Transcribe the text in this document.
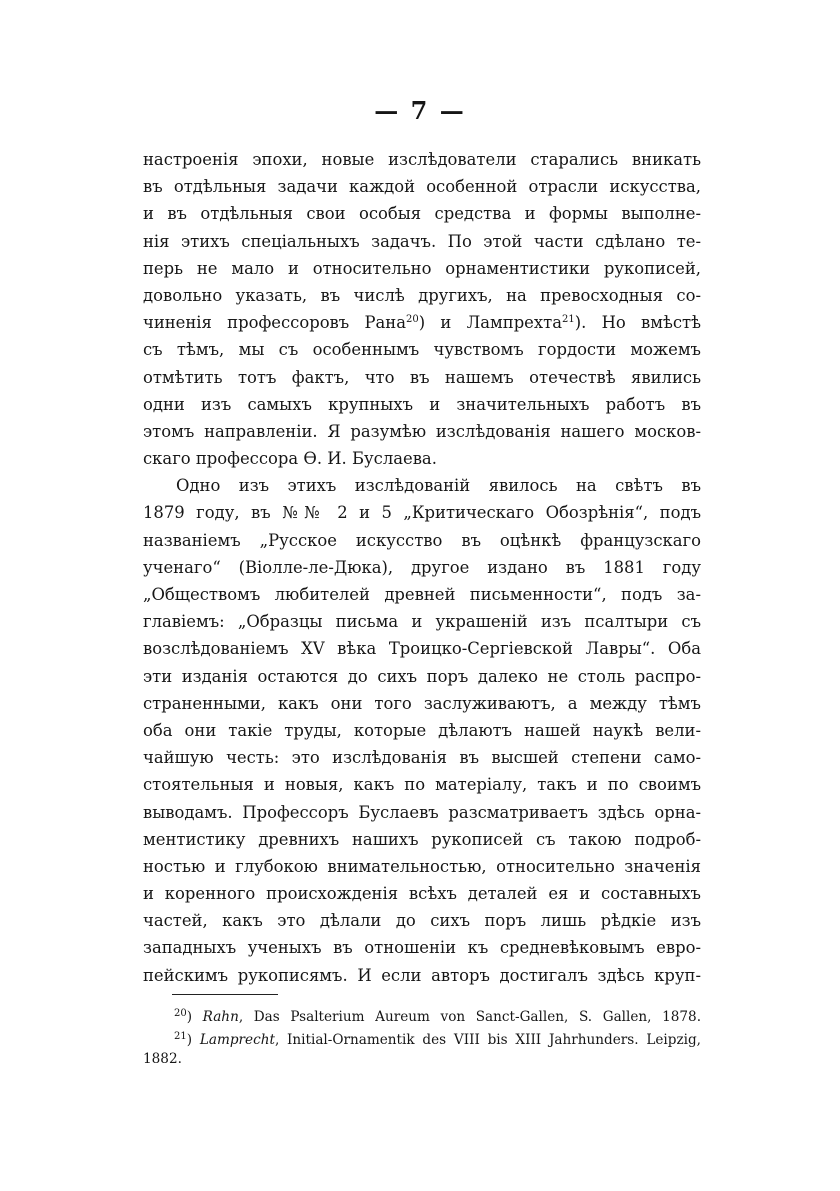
— 7 —
настроенія эпохи, новые изслѣдователи старались вникать
въ отдѣльныя задачи каждой особенной отрасли искусства,
и въ отдѣльныя свои особыя средства и формы выполне-
нія этихъ спеціальныхъ задачъ. По этой части сдѣлано те-
перь не мало и относительно орнаментистики рукописей,
довольно указать, въ числѣ другихъ, на превосходныя со-
чиненія профессоровъ Рана$^{20}$) и Лампрехта$^{21}$). Но вмѣстѣ
съ тѣмъ, мы съ особеннымъ чувствомъ гордости можемъ
отмѣтить тотъ фактъ, что въ нашемъ отечествѣ явились
одни изъ самыхъ крупныхъ и значительныхъ работъ въ
этомъ направленіи. Я разумѣю изслѣдованія нашего москов-
скаго профессора Ѳ. И. Буслаева.
Одно изъ этихъ изслѣдованій явилось на свѣтъ въ
1879 году, въ №№ 2 и 5 „Критическаго Обозрѣнія“, подъ
названіемъ „Русское искусство въ оцѣнкѣ французскаго
ученаго“ (Віолле-ле-Дюка), другое издано въ 1881 году
„Обществомъ любителей древней письменности“, подъ за-
главіемъ: „Образцы письма и украшеній изъ псалтыри съ
возслѣдованіемъ XV вѣка Троицко-Сергіевской Лавры“. Оба
эти изданія остаются до сихъ поръ далеко не столь распро-
страненными, какъ они того заслуживаютъ, а между тѣмъ
оба они такіе труды, которые дѣлаютъ нашей наукѣ вели-
чайшую честь: это изслѣдованія въ высшей степени само-
стоятельныя и новыя, какъ по матеріалу, такъ и по своимъ
выводамъ. Профессоръ Буслаевъ разсматриваетъ здѣсь орна-
ментистику древнихъ нашихъ рукописей съ такою подроб-
ностью и глубокою внимательностью, относительно значенія
и коренного происхожденія всѣхъ деталей ея и составныхъ
частей, какъ это дѣлали до сихъ поръ лишь рѣдкіе изъ
западныхъ ученыхъ въ отношеніи къ средневѣковымъ евро-
пейскимъ рукописямъ. И если авторъ достигалъ здѣсь круп-
$^{20}$) Rahn, Das Psalterium Aureum von Sanct-Gallen, S. Gallen, 1878.
$^{21}$) Lamprecht, Initial-Ornamentik des VIII bis XIII Jahrhunders. Leipzig,
1882.
